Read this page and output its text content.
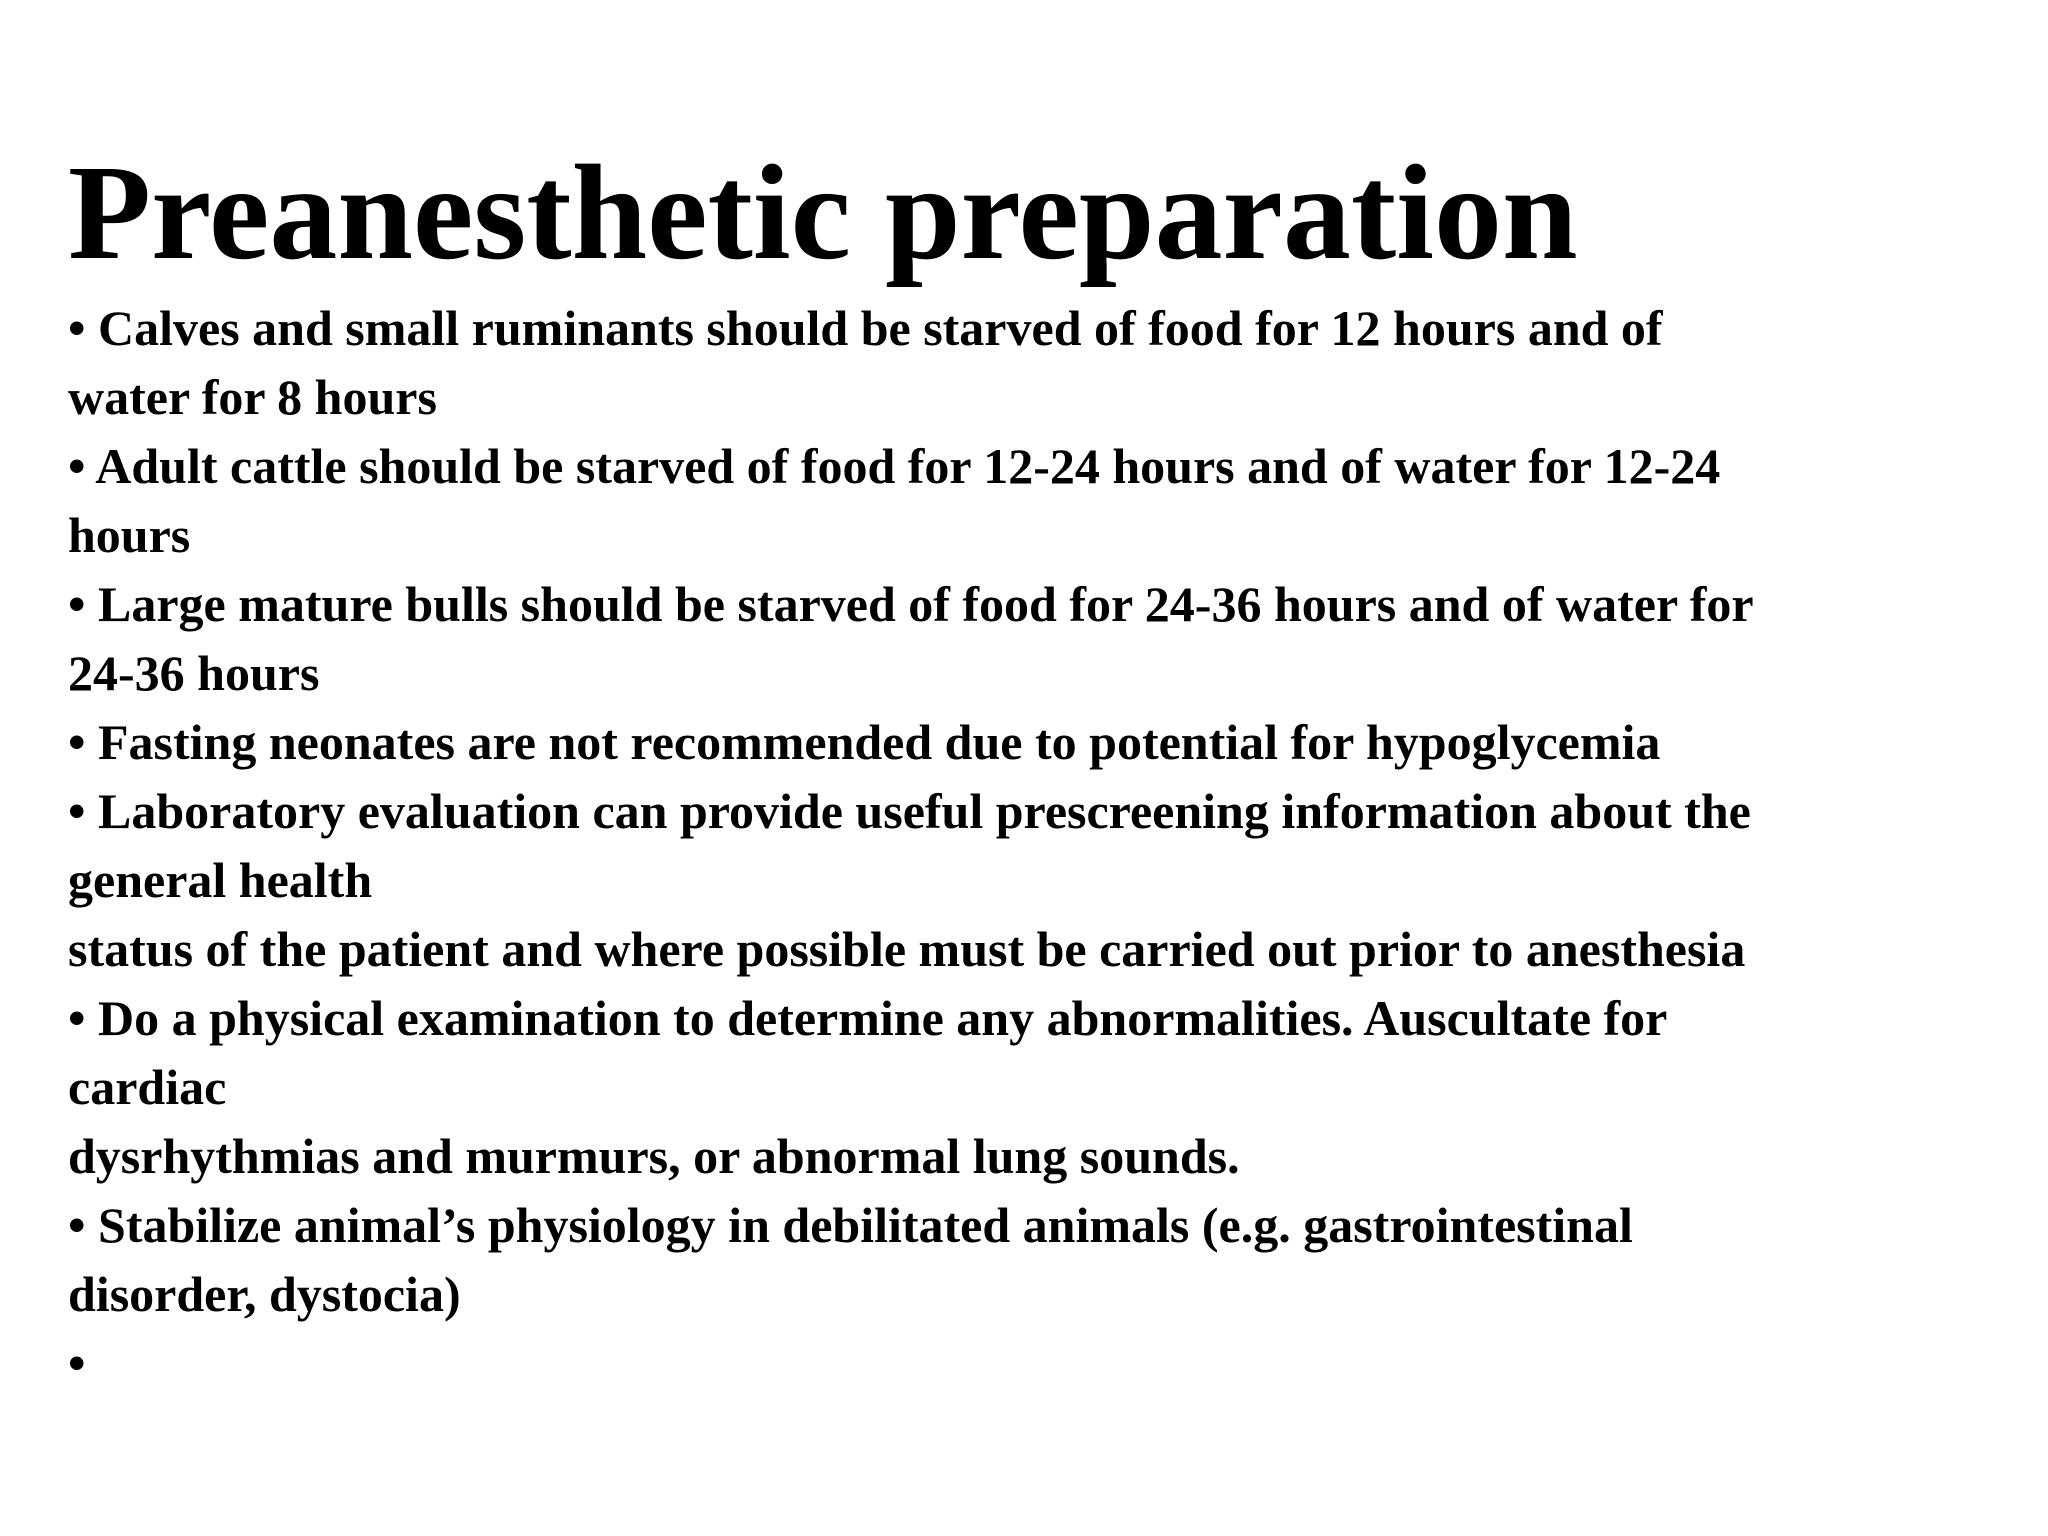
Preanesthetic preparation
• Calves and small ruminants should be starved of food for 12 hours and of
water for 8 hours
• Adult cattle should be starved of food for 12-24 hours and of water for 12-24
hours
• Large mature bulls should be starved of food for 24-36 hours and of water for
24-36 hours
• Fasting neonates are not recommended due to potential for hypoglycemia
• Laboratory evaluation can provide useful prescreening information about the
general health
status of the patient and where possible must be carried out prior to anesthesia
• Do a physical examination to determine any abnormalities. Auscultate for
cardiac
dysrhythmias and murmurs, or abnormal lung sounds.
• Stabilize animal’s physiology in debilitated animals (e.g. gastrointestinal
disorder, dystocia)
•
